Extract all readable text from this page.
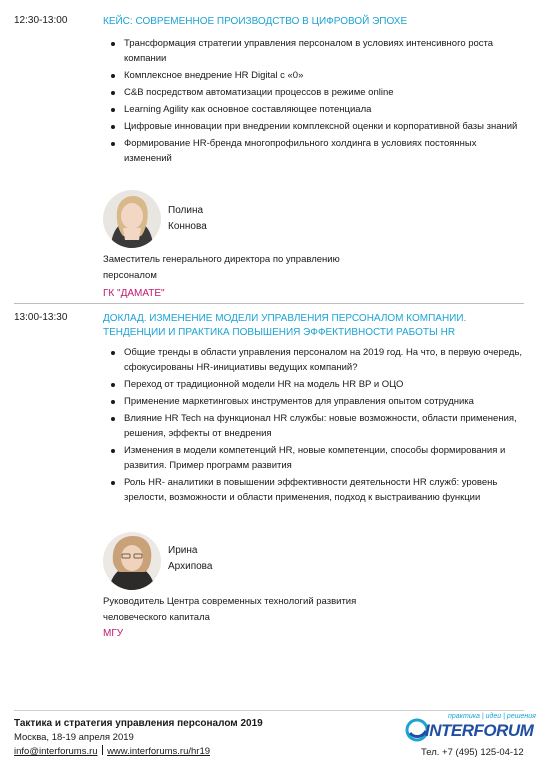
12:30-13:00	КЕЙС: СОВРЕМЕННОЕ ПРОИЗВОДСТВО В ЦИФРОВОЙ ЭПОХЕ
Трансформация стратегии управления персоналом в условиях интенсивного роста компании
Комплексное внедрение HR Digital с «0»
C&B посредством автоматизации процессов в режиме online
Learning Agility как основное составляющее потенциала
Цифровые инновации при внедрении комплексной оценки и корпоративной базы знаний
Формирование HR-бренда многопрофильного холдинга в условиях постоянных изменений
Полина
Коннова
Заместитель генерального директора по управлению персоналом
ГК "ДАМАТЕ"
13:00-13:30	ДОКЛАД. ИЗМЕНЕНИЕ МОДЕЛИ УПРАВЛЕНИЯ ПЕРСОНАЛОМ КОМПАНИИ. ТЕНДЕНЦИИ И ПРАКТИКА ПОВЫШЕНИЯ ЭФФЕКТИВНОСТИ РАБОТЫ HR
Общие тренды в области управления персоналом на 2019 год. На что, в первую очередь, сфокусированы HR-инициативы ведущих компаний?
Переход от традиционной модели HR на модель HR BP и ОЦО
Применение маркетинговых инструментов для управления опытом сотрудника
Влияние HR Tech на функционал HR службы: новые возможности, области применения, решения, эффекты от внедрения
Изменения в модели компетенций HR, новые компетенции, способы формирования и развития. Пример программ развития
Роль HR- аналитики в повышении эффективности деятельности HR служб: уровень зрелости, возможности и области применения, подход к выстраиванию функции
Ирина
Архипова
Руководитель Центра современных технологий развития человеческого капитала
МГУ
Тактика и стратегия управления персоналом 2019
Москва, 18-19 апреля 2019
info@interforums.ru www.interforums.ru/hr19
практика | идеи | решения
INTERFORUM
Тел. +7 (495) 125-04-12
